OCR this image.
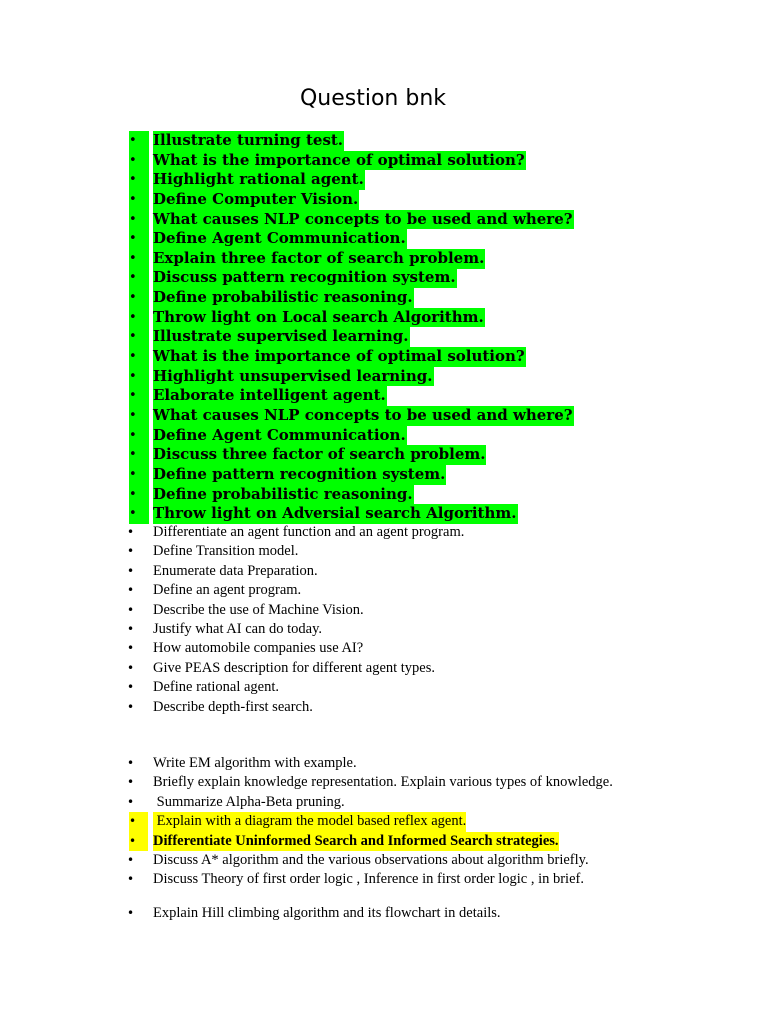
Question bnk
•	Illustrate turning test.
•	What is the importance of optimal solution?
•	Highlight rational agent.
•	Define Computer Vision.
•	What causes NLP concepts to be used and where?
•	Define Agent Communication.
•	Explain three factor of search problem.
•	Discuss pattern recognition system.
•	Define probabilistic reasoning.
•	Throw light on Local search Algorithm.
•	Illustrate supervised learning.
•	What is the importance of optimal solution?
•	Highlight unsupervised learning.
•	Elaborate intelligent agent.
•	What causes NLP concepts to be used and where?
•	Define Agent Communication.
•	Discuss three factor of search problem.
•	Define pattern recognition system.
•	Define probabilistic reasoning.
•	Throw light on Adversial search Algorithm.
• Differentiate an agent function and an agent program.
• Define Transition model.
• Enumerate data Preparation.
• Define an agent program.
• Describe the use of Machine Vision.
• Justify what AI can do today.
• How automobile companies use AI?
• Give PEAS description for different agent types.
• Define rational agent.
• Describe depth-first search.
• Write EM algorithm with example.
• Briefly explain knowledge representation. Explain various types of knowledge.
• Summarize Alpha-Beta pruning.
•	Explain with a diagram the model based reflex agent.
•	Differentiate Uninformed Search and Informed Search strategies.
• Discuss A* algorithm and the various observations about algorithm briefly.
• Discuss Theory of first order logic , Inference in first order logic , in brief.
• Explain Hill climbing algorithm and its flowchart in details.
